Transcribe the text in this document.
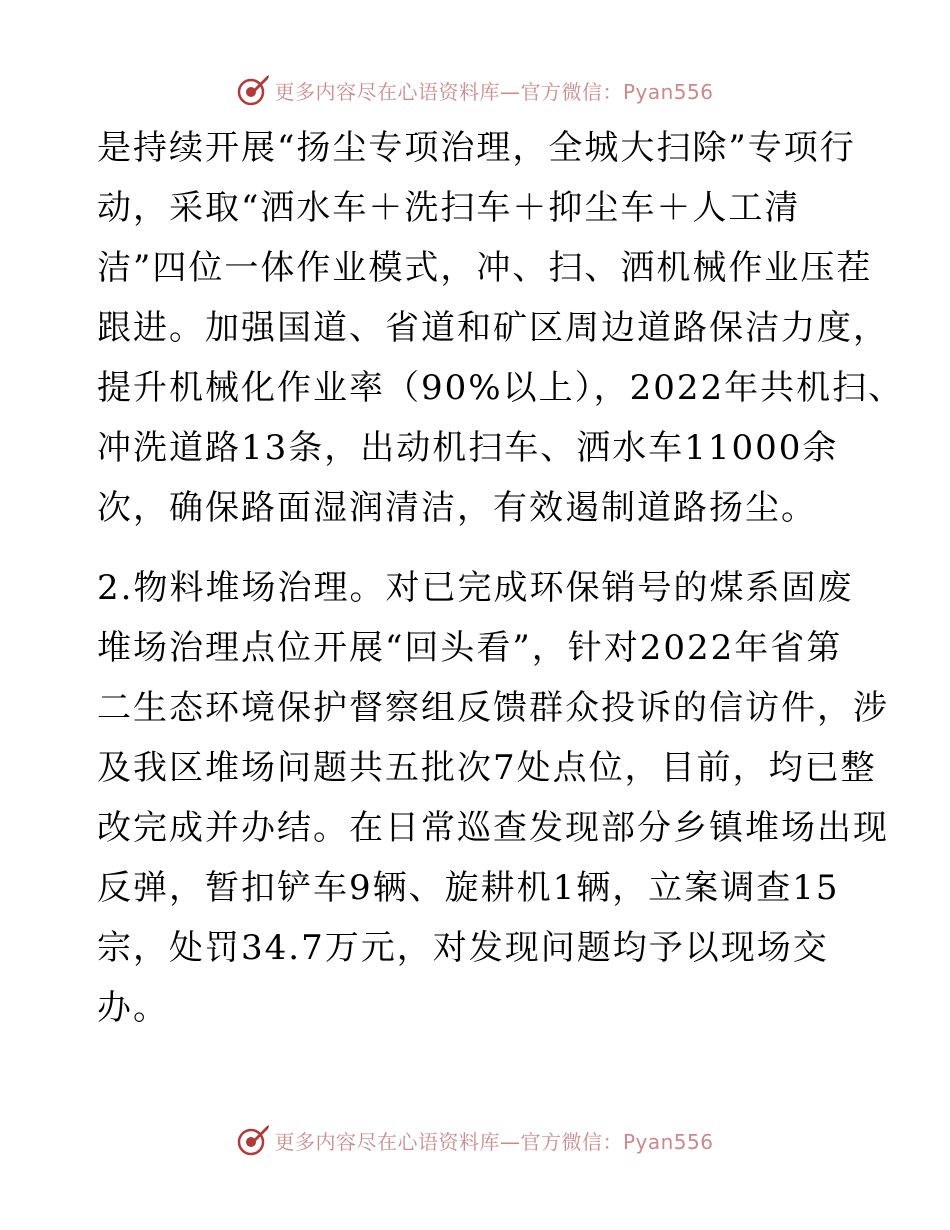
更多内容尽在心语资料库—官方微信：Pyan556

是持续开展“扬尘专项治理，全城大扫除”专项行
动，采取“洒水车＋洗扫车＋抑尘车＋人工清
洁”四位一体作业模式，冲、扫、洒机械作业压茬
跟进。加强国道、省道和矿区周边道路保洁力度，
提升机械化作业率（90%以上），2022年共机扫、
冲洗道路13条，出动机扫车、洒水车11000余
次，确保路面湿润清洁，有效遏制道路扬尘。

2.物料堆场治理。对已完成环保销号的煤系固废
堆场治理点位开展“回头看”，针对2022年省第
二生态环境保护督察组反馈群众投诉的信访件，涉
及我区堆场问题共五批次7处点位，目前，均已整
改完成并办结。在日常巡查发现部分乡镇堆场出现
反弹，暂扣铲车9辆、旋耕机1辆，立案调查15
宗，处罚34.7万元，对发现问题均予以现场交
办。

更多内容尽在心语资料库—官方微信：Pyan556
